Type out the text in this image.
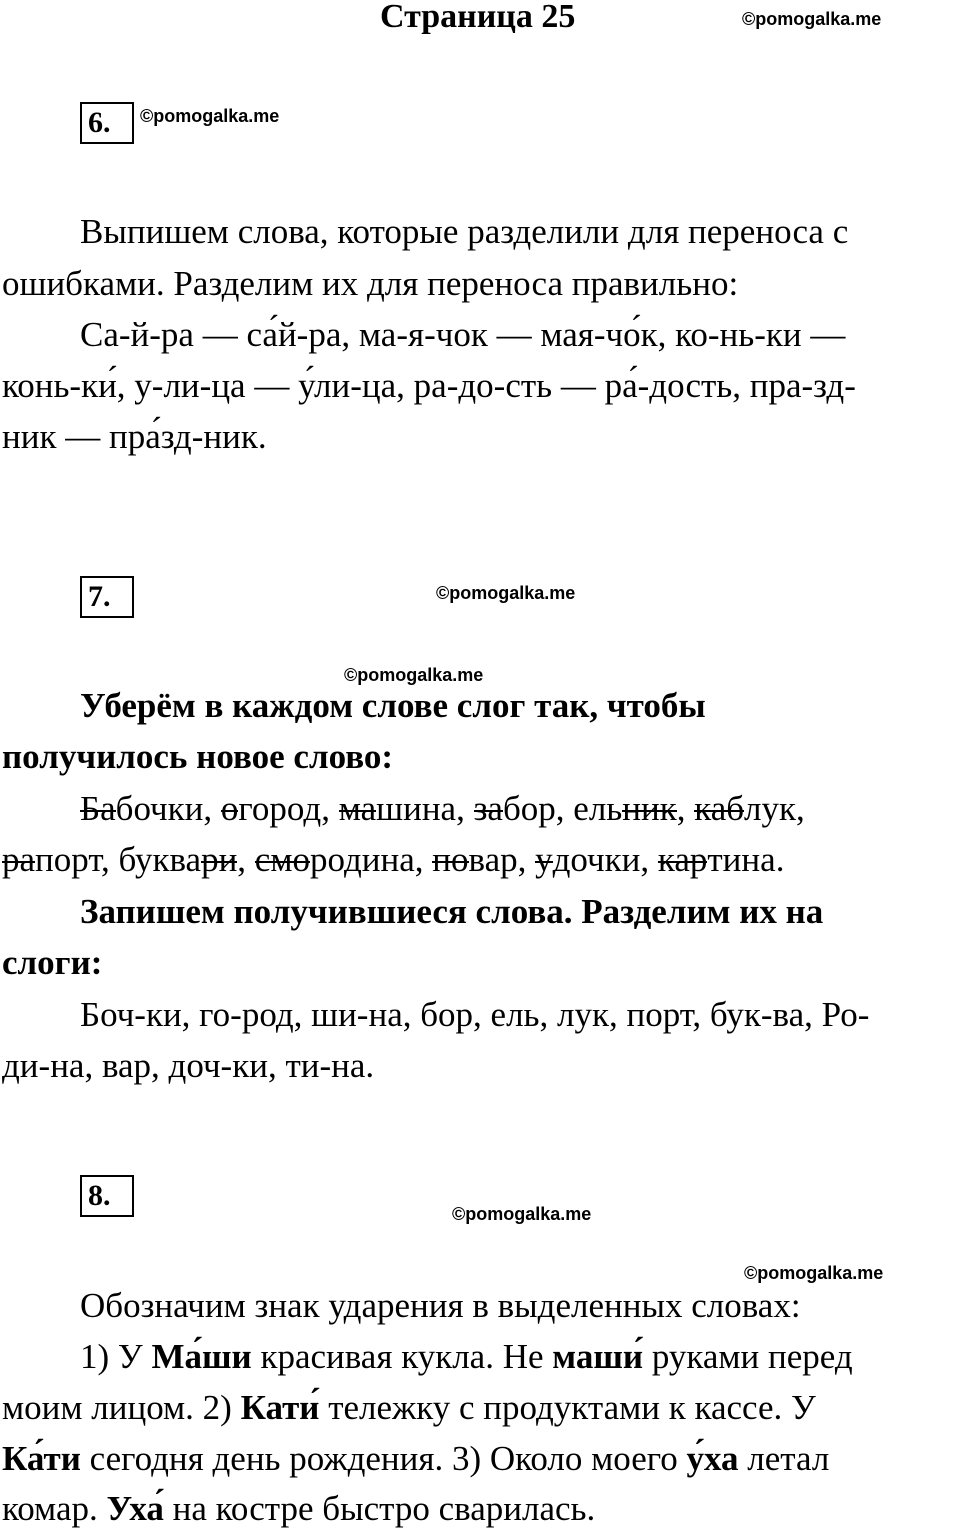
Страница 25	©pomogalka.me
6.	©pomogalka.me
Выпишем слова, которые разделили для переноса с
ошибками. Разделим их для переноса правильно:
Са-й-ра — са́й-ра, ма-я-чок — мая-чо́к, ко-нь-ки —
конь-ки́, у-ли-ца — у́ли-ца, ра-до-сть — ра́-дость, пра-зд-
ник — пра́зд-ник.
7.	©pomogalka.me
©pomogalka.me
Уберём в каждом слове слог так, чтобы
получилось новое слово:
Бабочки, огород, машина, забор, ельник, каблук,
рапорт, буквари, смородина, повар, удочки, картина.
Запишем получившиеся слова. Разделим их на
слоги:
Боч-ки, го-род, ши-на, бор, ель, лук, порт, бук-ва, Ро-
ди-на, вар, доч-ки, ти-на.
8.
©pomogalka.me
©pomogalka.me
Обозначим знак ударения в выделенных словах:
1) У Ма́ши красивая кукла. Не маши́ руками перед
моим лицом. 2) Кати́ тележку с продуктами к кассе. У
Ка́ти сегодня день рождения. 3) Около моего у́ха летал
комар. Уха́ на костре быстро сварилась.
